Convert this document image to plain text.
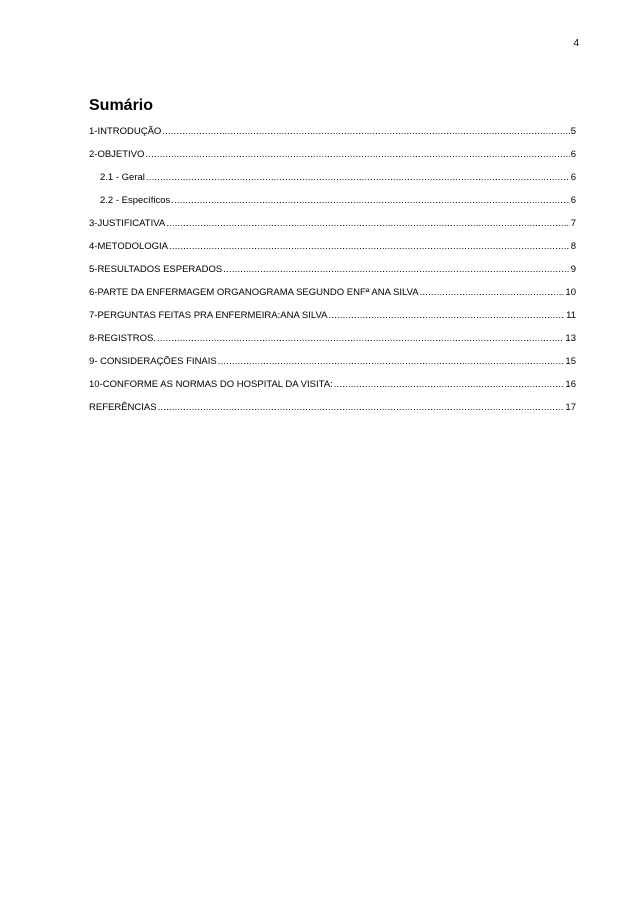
4
Sumário
1-INTRODUÇÃO .....	5
2-OBJETIVO .....	6
2.1 - Geral .....	6
2.2 - Específicos .....	6
3-JUSTIFICATIVA .....	7
4-METODOLOGIA .....	8
5-RESULTADOS ESPERADOS .....	9
6-PARTE DA ENFERMAGEM ORGANOGRAMA SEGUNDO ENFª ANA SILVA .....	10
7-PERGUNTAS FEITAS PRA ENFERMEIRA:ANA SILVA .....	11
8-REGISTROS. .....	13
9- CONSIDERAÇÕES FINAIS .....	15
10-CONFORME AS NORMAS DO HOSPITAL DA VISITA: .....	16
REFERÊNCIAS .....	17
